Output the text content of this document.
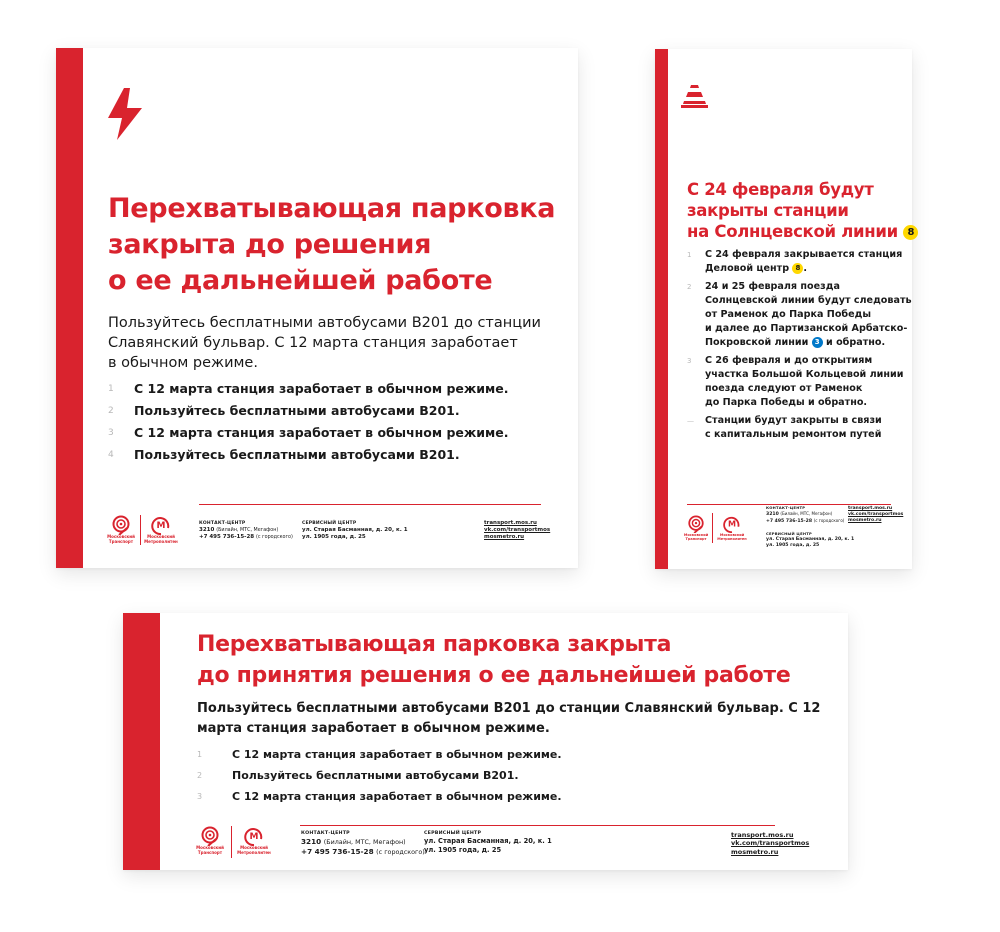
Перехватывающая парковка
закрыта до решения
о ее дальнейшей работе
Пользуйтесь бесплатными автобусами В201 до станции
Славянский бульвар. С 12 марта станция заработает
в обычном режиме.
1 С 12 марта станция заработает в обычном режиме.
2 Пользуйтесь бесплатными автобусами В201.
3 С 12 марта станция заработает в обычном режиме.
4 Пользуйтесь бесплатными автобусами В201.
Московский
Транспорт
М
Московский
Метрополитен
КОНТАКТ-ЦЕНТР
3210 (Билайн, МТС, Мегафон)
+7 495 736-15-28 (с городского)
СЕРВИСНЫЙ ЦЕНТР
ул. Старая Басманная, д. 20, к. 1
ул. 1905 года, д. 25
transport.mos.ru
vk.com/transportmos
mosmetro.ru
С 24 февраля будут
закрыты станции
на Солнцевской линии 8
1 С 24 февраля закрывается станция
Деловой центр 8 .
2 24 и 25 февраля поезда
Солнцевской линии будут следовать
от Раменок до Парка Победы
и далее до Партизанской Арбатско-
Покровской линии 3 и обратно.
3 С 26 февраля и до открытиям
участка Большой Кольцевой линии
поезда следуют от Раменок
до Парка Победы и обратно.
— Станции будут закрыты в связи
с капитальным ремонтом путей
Московский
Транспорт
М
Московский
Метрополитен
КОНТАКТ-ЦЕНТР
3210 (Билайн, МТС, Мегафон)
+7 495 736-15-28 (с городского)
СЕРВИСНЫЙ ЦЕНТР
ул. Старая Басманная, д. 20, к. 1
ул. 1905 года, д. 25
transport.mos.ru
vk.com/transportmos
mosmetro.ru
Перехватывающая парковка закрыта
до принятия решения о ее дальнейшей работе
Пользуйтесь бесплатными автобусами В201 до станции Славянский бульвар. С 12
марта станция заработает в обычном режиме.
1	С 12 марта станция заработает в обычном режиме.
2	Пользуйтесь бесплатными автобусами В201.
3	С 12 марта станция заработает в обычном режиме.
Московский
Транспорт
М
Московский
Метрополитен
КОНТАКТ-ЦЕНТР
3210 (Билайн, МТС, Мегафон)
+7 495 736-15-28 (с городского)
СЕРВИСНЫЙ ЦЕНТР
ул. Старая Басманная, д. 20, к. 1
ул. 1905 года, д. 25
transport.mos.ru
vk.com/transportmos
mosmetro.ru
